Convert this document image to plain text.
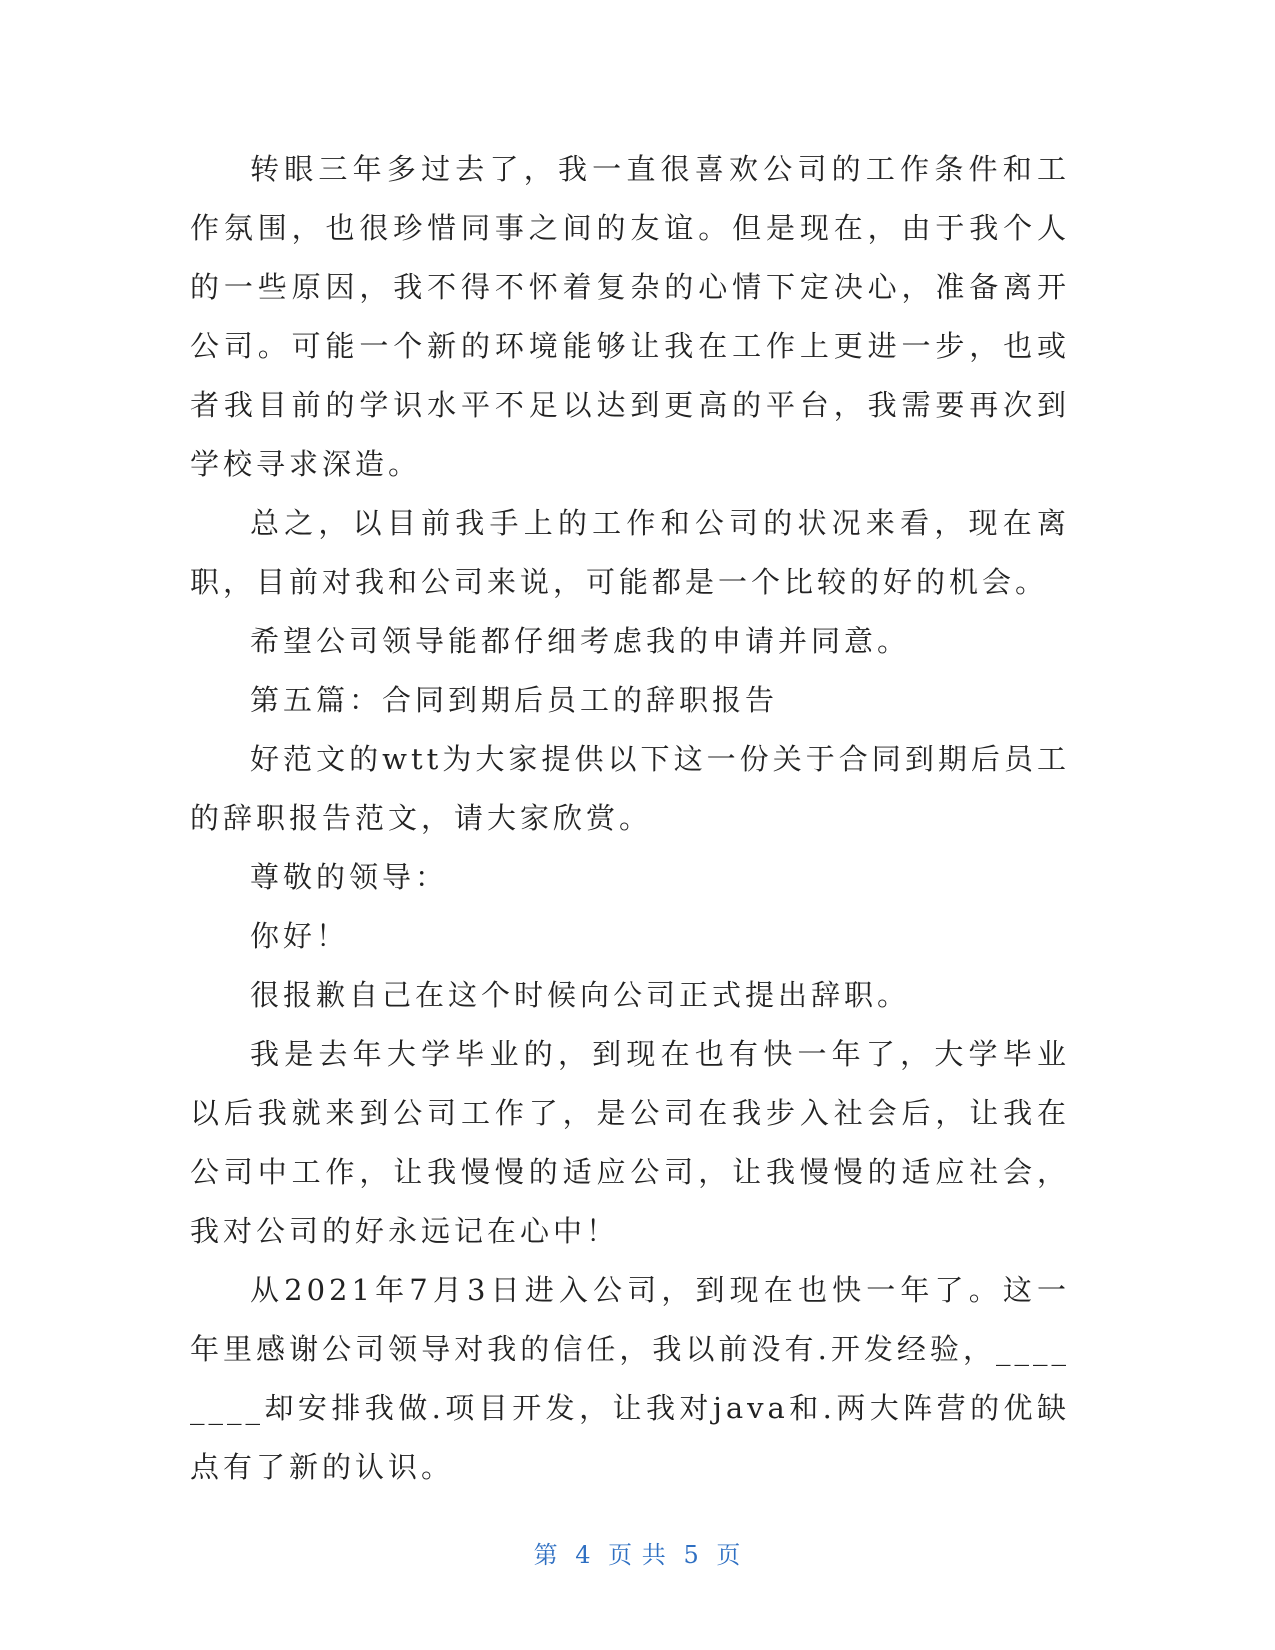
转眼三年多过去了，我一直很喜欢公司的工作条件和工作氛围，也很珍惜同事之间的友谊。但是现在，由于我个人的一些原因，我不得不怀着复杂的心情下定决心，准备离开公司。可能一个新的环境能够让我在工作上更进一步，也或者我目前的学识水平不足以达到更高的平台，我需要再次到学校寻求深造。

总之，以目前我手上的工作和公司的状况来看，现在离职，目前对我和公司来说，可能都是一个比较的好的机会。

希望公司领导能都仔细考虑我的申请并同意。

第五篇：合同到期后员工的辞职报告

好范文的wtt为大家提供以下这一份关于合同到期后员工的辞职报告范文，请大家欣赏。

尊敬的领导：

你好！

很报歉自己在这个时候向公司正式提出辞职。

我是去年大学毕业的，到现在也有快一年了，大学毕业以后我就来到公司工作了，是公司在我步入社会后，让我在公司中工作，让我慢慢的适应公司，让我慢慢的适应社会，我对公司的好永远记在心中！

从2021年7月3日进入公司，到现在也快一年了。这一年里感谢公司领导对我的信任，我以前没有.开发经验，________却安排我做.项目开发，让我对java和.两大阵营的优缺点有了新的认识。

第 4 页 共 5 页
